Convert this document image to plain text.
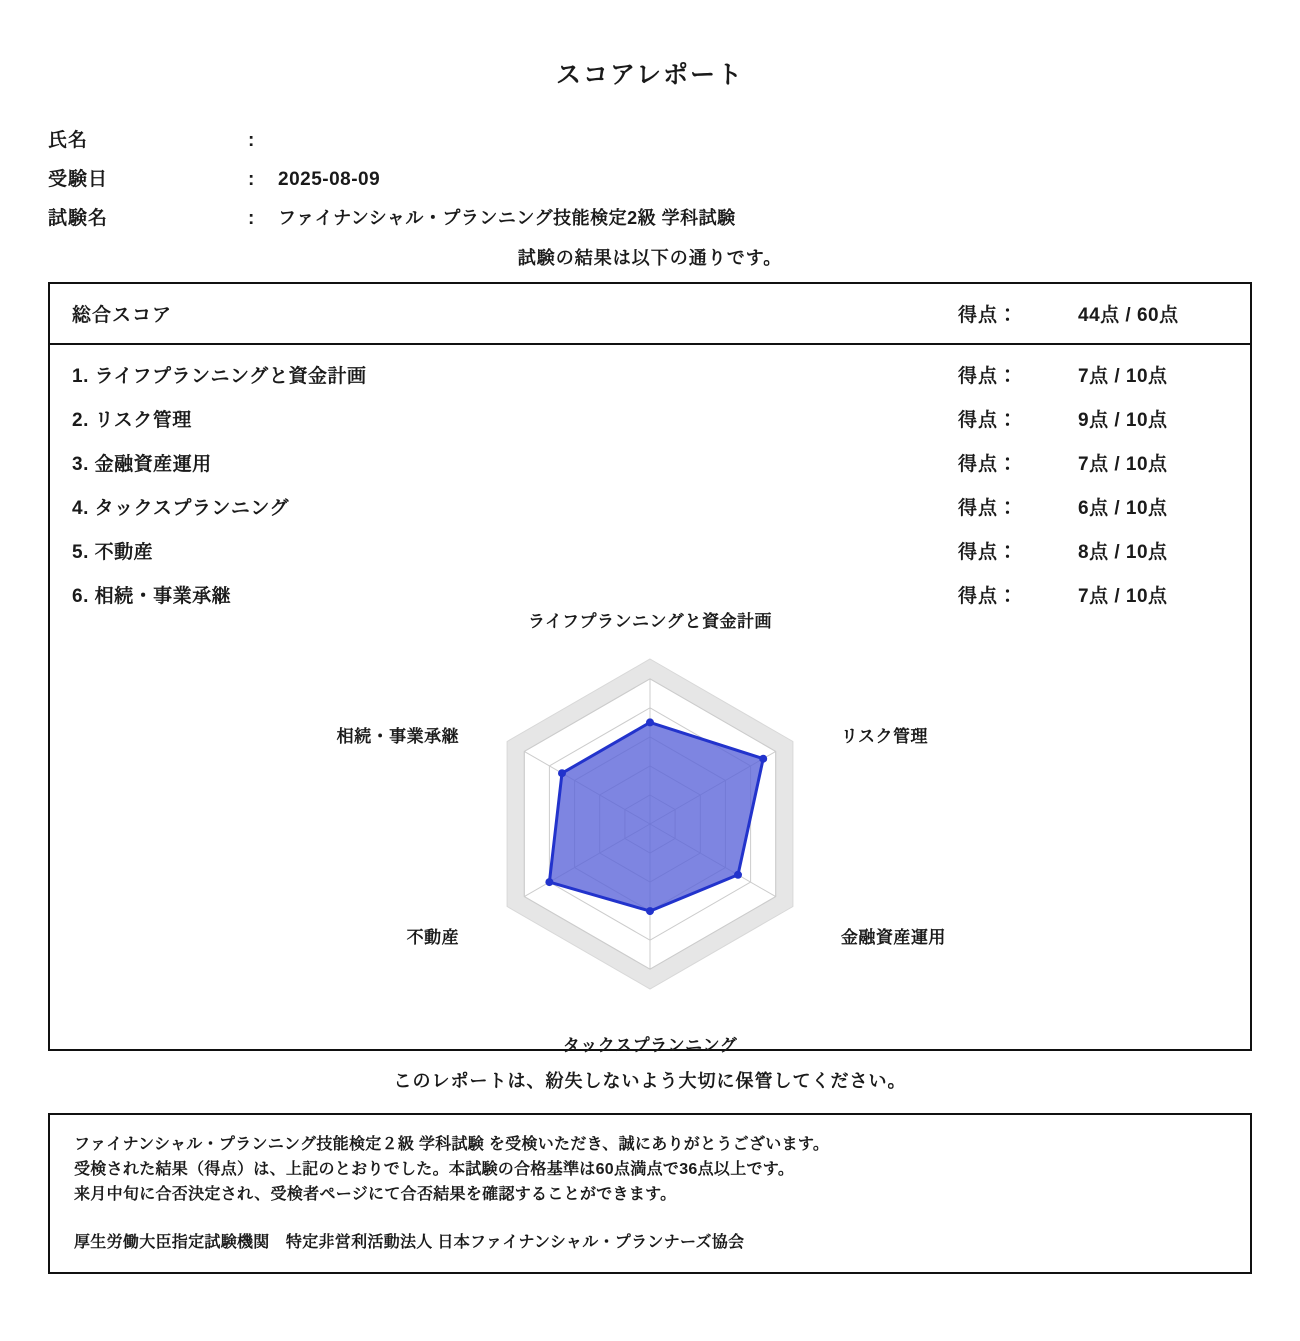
スコアレポート
氏名	:
受験日	:	2025-08-09
試験名	:	ファイナンシャル・プランニング技能検定2級 学科試験
試験の結果は以下の通りです。
総合スコア	得点：	44点 / 60点
1. ライフプランニングと資金計画	得点：	7点 / 10点
2. リスク管理	得点：	9点 / 10点
3. 金融資産運用	得点：	7点 / 10点
4. タックスプランニング	得点：	6点 / 10点
5. 不動産	得点：	8点 / 10点
6. 相続・事業承継	得点：	7点 / 10点
ライフプランニングと資金計画
リスク管理
金融資産運用
タックスプランニング
不動産
相続・事業承継
このレポートは、紛失しないよう大切に保管してください。
ファイナンシャル・プランニング技能検定２級 学科試験 を受検いただき、誠にありがとうございます。
受検された結果（得点）は、上記のとおりでした。本試験の合格基準は60点満点で36点以上です。
来月中旬に合否決定され、受検者ページにて合否結果を確認することができます。
厚生労働大臣指定試験機関　特定非営利活動法人 日本ファイナンシャル・プランナーズ協会
